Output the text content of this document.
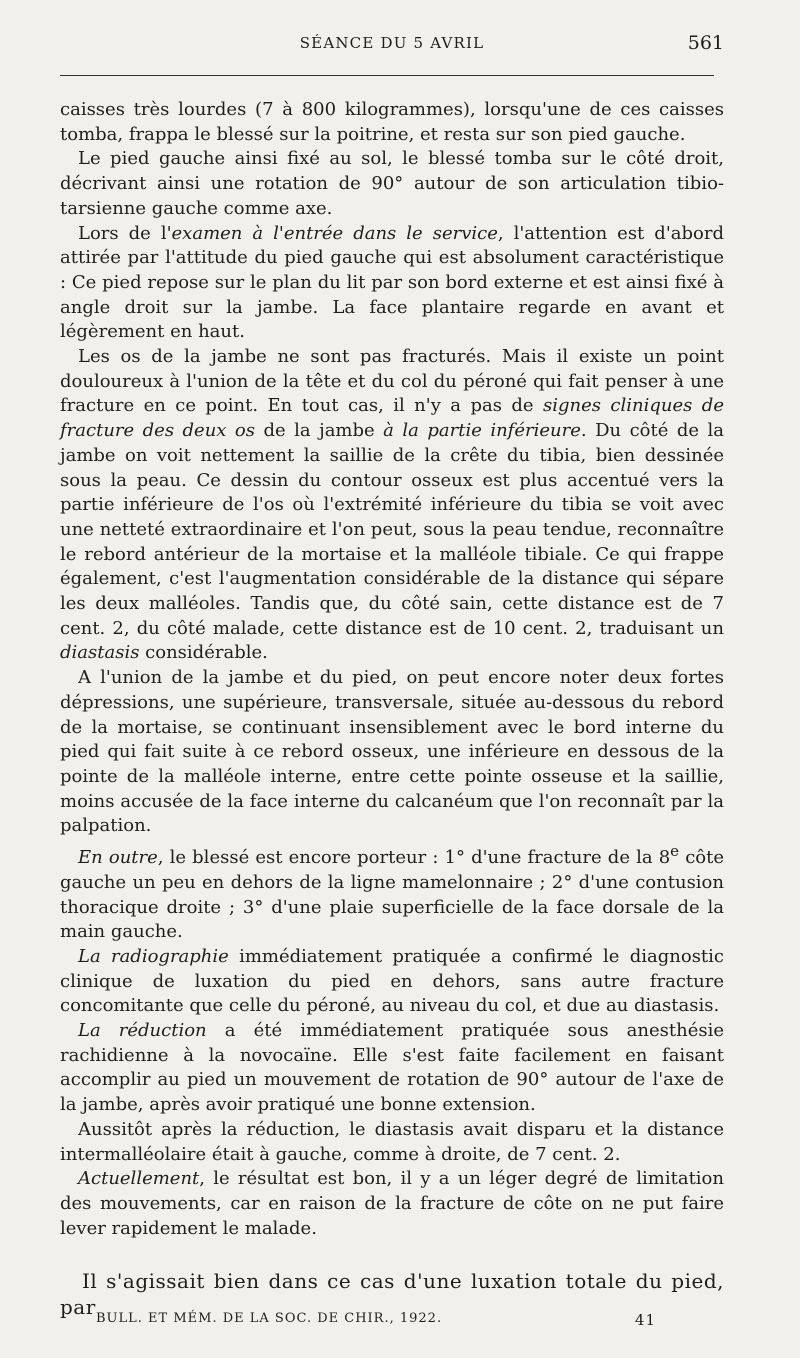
SÉANCE DU 5 AVRIL	561

caisses très lourdes (7 à 800 kilogrammes), lorsqu'une de ces caisses tomba, frappa le blessé sur la poitrine, et resta sur son pied gauche.

Le pied gauche ainsi fixé au sol, le blessé tomba sur le côté droit, décrivant ainsi une rotation de 90° autour de son articulation tibio-tarsienne gauche comme axe.

Lors de l'examen à l'entrée dans le service, l'attention est d'abord attirée par l'attitude du pied gauche qui est absolument caractéristique : Ce pied repose sur le plan du lit par son bord externe et est ainsi fixé à angle droit sur la jambe. La face plantaire regarde en avant et légèrement en haut.

Les os de la jambe ne sont pas fracturés. Mais il existe un point douloureux à l'union de la tête et du col du péroné qui fait penser à une fracture en ce point. En tout cas, il n'y a pas de signes cliniques de fracture des deux os de la jambe à la partie inférieure. Du côté de la jambe on voit nettement la saillie de la crête du tibia, bien dessinée sous la peau. Ce dessin du contour osseux est plus accentué vers la partie inférieure de l'os où l'extrémité inférieure du tibia se voit avec une netteté extraordinaire et l'on peut, sous la peau tendue, reconnaître le rebord antérieur de la mortaise et la malléole tibiale. Ce qui frappe également, c'est l'augmentation considérable de la distance qui sépare les deux malléoles. Tandis que, du côté sain, cette distance est de 7 cent. 2, du côté malade, cette distance est de 10 cent. 2, traduisant un diastasis considérable.

A l'union de la jambe et du pied, on peut encore noter deux fortes dépressions, une supérieure, transversale, située au-dessous du rebord de la mortaise, se continuant insensiblement avec le bord interne du pied qui fait suite à ce rebord osseux, une inférieure en dessous de la pointe de la malléole interne, entre cette pointe osseuse et la saillie, moins accusée de la face interne du calcanéum que l'on reconnaît par la palpation.

En outre, le blessé est encore porteur : 1° d'une fracture de la 8e côte gauche un peu en dehors de la ligne mamelonnaire ; 2° d'une contusion thoracique droite ; 3° d'une plaie superficielle de la face dorsale de la main gauche.

La radiographie immédiatement pratiquée a confirmé le diagnostic clinique de luxation du pied en dehors, sans autre fracture concomitante que celle du péroné, au niveau du col, et due au diastasis.

La réduction a été immédiatement pratiquée sous anesthésie rachidienne à la novocaïne. Elle s'est faite facilement en faisant accomplir au pied un mouvement de rotation de 90° autour de l'axe de la jambe, après avoir pratiqué une bonne extension.

Aussitôt après la réduction, le diastasis avait disparu et la distance intermalléolaire était à gauche, comme à droite, de 7 cent. 2.

Actuellement, le résultat est bon, il y a un léger degré de limitation des mouvements, car en raison de la fracture de côte on ne put faire lever rapidement le malade.

Il s'agissait bien dans ce cas d'une luxation totale du pied, par BULL. ET MÉM. DE LA SOC. DE CHIR., 1922.	41
